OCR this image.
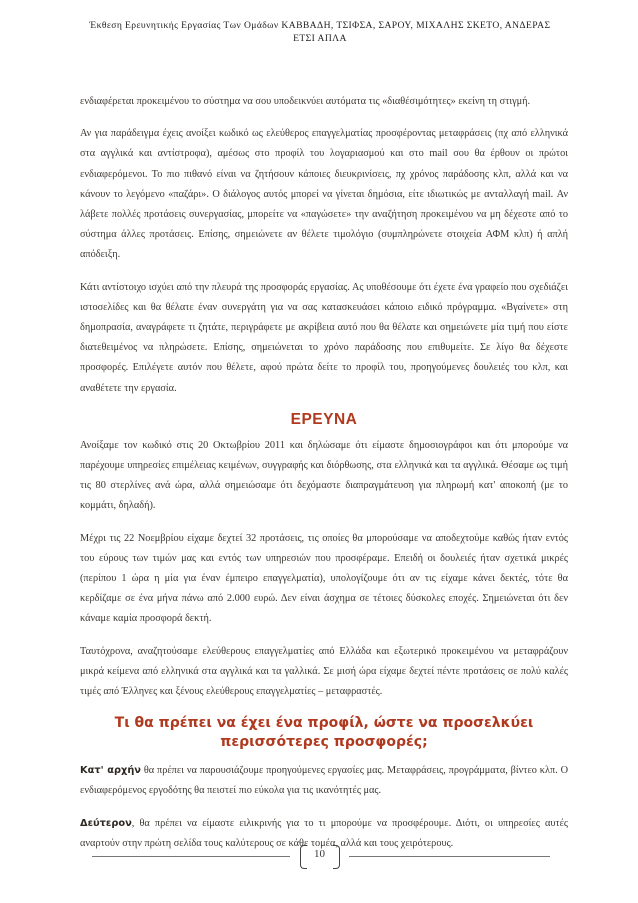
Έκθεση Ερευνητικής Εργασίας Των Ομάδων ΚΑΒΒΑΔΗ, ΤΣΙΦΣΑ, ΣΑΡΟΥ, ΜΙΧΑΛΗΣ ΣΚΕΤΟ, ΑΝΔΕΡΑΣ
ΕΤΣΙ ΑΠΛΑ

ενδιαφέρεται προκειμένου το σύστημα να σου υποδεικνύει αυτόματα τις «διαθέσιμότητες» εκείνη τη στιγμή.

Αν για παράδειγμα έχεις ανοίξει κωδικό ως ελεύθερος επαγγελματίας προσφέροντας μεταφράσεις (πχ από ελληνικά στα αγγλικά και αντίστροφα), αμέσως στο προφίλ του λογαριασμού και στο mail σου θα έρθουν οι πρώτοι ενδιαφερόμενοι. Το πιο πιθανό είναι να ζητήσουν κάποιες διευκρινίσεις, πχ χρόνος παράδοσης κλπ, αλλά και να κάνουν το λεγόμενο «παζάρι». Ο διάλογος αυτός μπορεί να γίνεται δημόσια, είτε ιδιωτικώς με ανταλλαγή mail. Αν λάβετε πολλές προτάσεις συνεργασίας, μπορείτε να «παγώσετε» την αναζήτηση προκειμένου να μη δέχεστε από το σύστημα άλλες προτάσεις. Επίσης, σημειώνετε αν θέλετε τιμολόγιο (συμπληρώνετε στοιχεία ΑΦΜ κλπ) ή απλή απόδειξη.

Κάτι αντίστοιχο ισχύει από την πλευρά της προσφοράς εργασίας. Ας υποθέσουμε ότι έχετε ένα γραφείο που σχεδιάζει ιστοσελίδες και θα θέλατε έναν συνεργάτη για να σας κατασκευάσει κάποιο ειδικό πρόγραμμα. «Βγαίνετε» στη δημοπρασία, αναγράφετε τι ζητάτε, περιγράφετε με ακρίβεια αυτό που θα θέλατε και σημειώνετε μία τιμή που είστε διατεθειμένος να πληρώσετε. Επίσης, σημειώνεται το χρόνο παράδοσης που επιθυμείτε. Σε λίγο θα δέχεστε προσφορές. Επιλέγετε αυτόν που θέλετε, αφού πρώτα δείτε το προφίλ του, προηγούμενες δουλειές του κλπ, και αναθέτετε την εργασία.

ΕΡΕΥΝΑ

Ανοίξαμε τον κωδικό στις 20 Οκτωβρίου 2011 και δηλώσαμε ότι είμαστε δημοσιογράφοι και ότι μπορούμε να παρέχουμε υπηρεσίες επιμέλειας κειμένων, συγγραφής και διόρθωσης, στα ελληνικά και τα αγγλικά. Θέσαμε ως τιμή τις 80 στερλίνες ανά ώρα, αλλά σημειώσαμε ότι δεχόμαστε διαπραγμάτευση για πληρωμή κατ' αποκοπή (με το κομμάτι, δηλαδή).

Μέχρι τις 22 Νοεμβρίου είχαμε δεχτεί 32 προτάσεις, τις οποίες θα μπορούσαμε να αποδεχτούμε καθώς ήταν εντός του εύρους των τιμών μας και εντός των υπηρεσιών που προσφέραμε. Επειδή οι δουλειές ήταν σχετικά μικρές (περίπου 1 ώρα η μία για έναν έμπειρο επαγγελματία), υπολογίζουμε ότι αν τις είχαμε κάνει δεκτές, τότε θα κερδίζαμε σε ένα μήνα πάνω από 2.000 ευρώ. Δεν είναι άσχημα σε τέτοιες δύσκολες εποχές. Σημειώνεται ότι δεν κάναμε καμία προσφορά δεκτή.

Ταυτόχρονα, αναζητούσαμε ελεύθερους επαγγελματίες από Ελλάδα και εξωτερικό προκειμένου να μεταφράζουν μικρά κείμενα από ελληνικά στα αγγλικά και τα γαλλικά. Σε μισή ώρα είχαμε δεχτεί πέντε προτάσεις σε πολύ καλές τιμές από Έλληνες και ξένους ελεύθερους επαγγελματίες – μεταφραστές.

Τι θα πρέπει να έχει ένα προφίλ, ώστε να προσελκύει περισσότερες προσφορές;

Κατ' αρχήν θα πρέπει να παρουσιάζουμε προηγούμενες εργασίες μας. Μεταφράσεις, προγράμματα, βίντεο κλπ. Ο ενδιαφερόμενος εργοδότης θα πειστεί πιο εύκολα για τις ικανότητές μας.

Δεύτερον, θα πρέπει να είμαστε ειλικρινής για το τι μπορούμε να προσφέρουμε. Διότι, οι υπηρεσίες αυτές αναρτούν στην πρώτη σελίδα τους καλύτερους σε κάθε τομέα, αλλά και τους χειρότερους.

10
